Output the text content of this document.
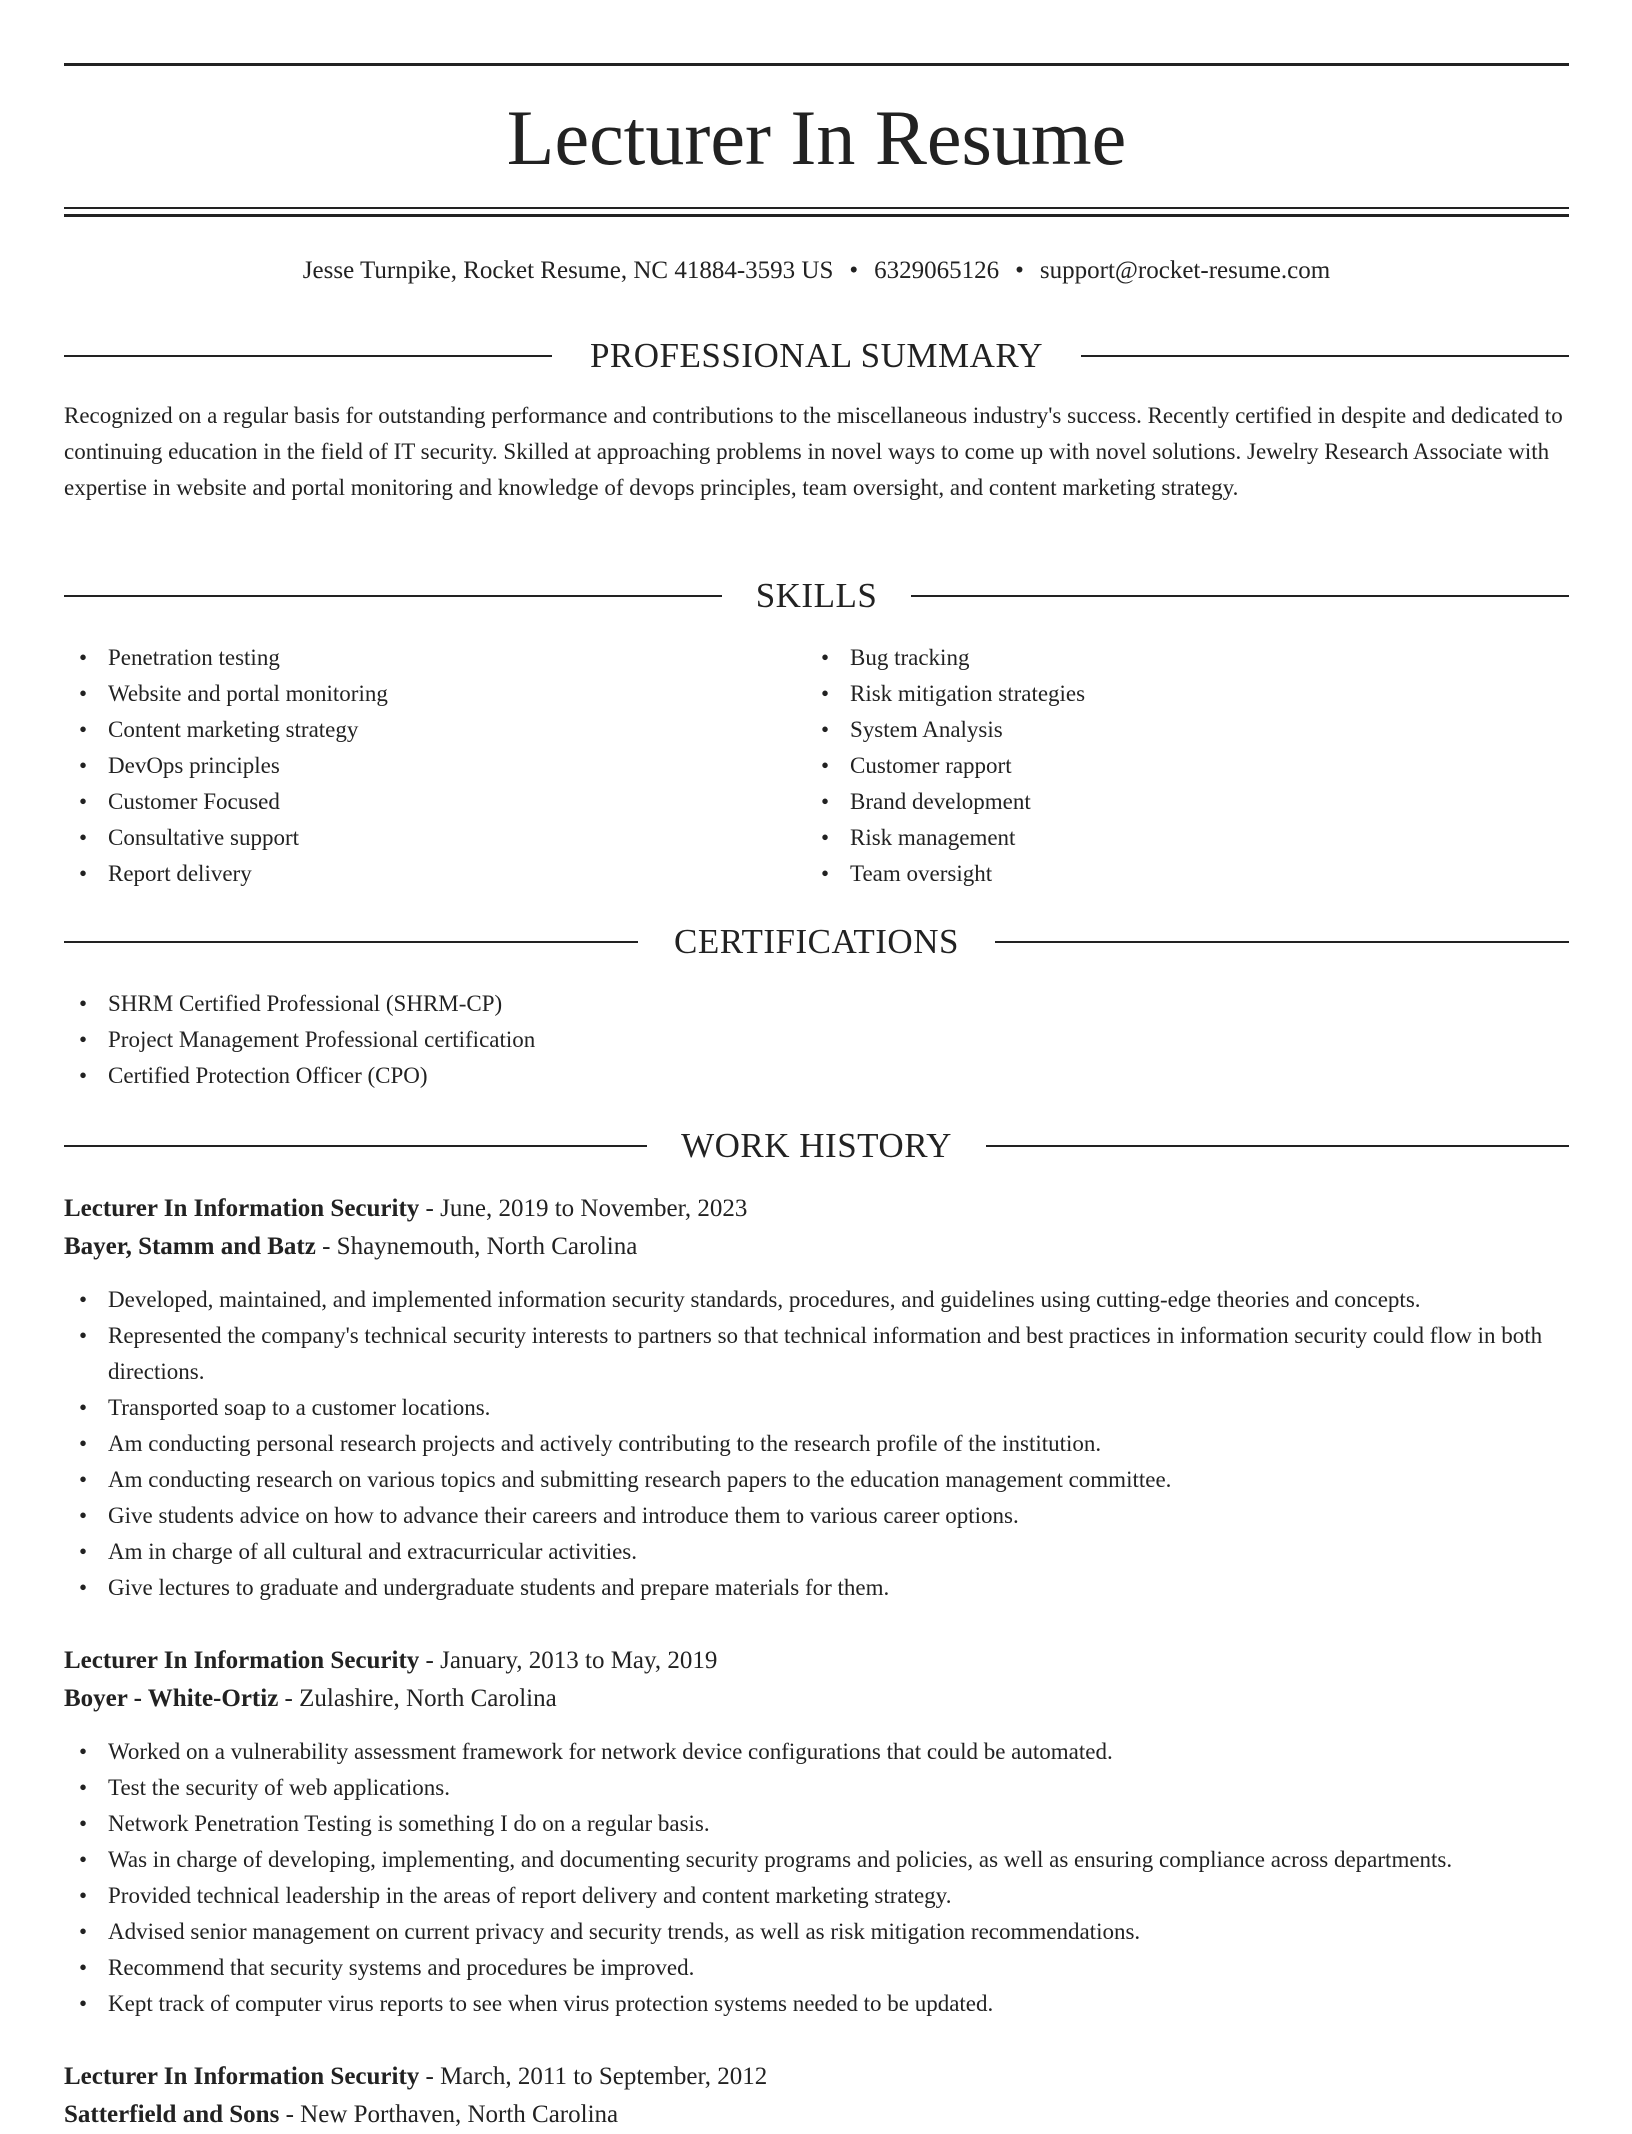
Lecturer In Resume
Jesse Turnpike, Rocket Resume, NC 41884-3593 US • 6329065126 • support@rocket-resume.com
PROFESSIONAL SUMMARY

Recognized on a regular basis for outstanding performance and contributions to the miscellaneous industry's success. Recently certified in despite and dedicated to continuing education in the field of IT security. Skilled at approaching problems in novel ways to come up with novel solutions. Jewelry Research Associate with expertise in website and portal monitoring and knowledge of devops principles, team oversight, and content marketing strategy.

SKILLS
• Penetration testing
• Website and portal monitoring
• Content marketing strategy
• DevOps principles
• Customer Focused
• Consultative support
• Report delivery
• Bug tracking
• Risk mitigation strategies
• System Analysis
• Customer rapport
• Brand development
• Risk management
• Team oversight
CERTIFICATIONS
• SHRM Certified Professional (SHRM-CP)
• Project Management Professional certification
• Certified Protection Officer (CPO)
WORK HISTORY
Lecturer In Information Security - June, 2019 to November, 2023
Bayer, Stamm and Batz - Shaynemouth, North Carolina
• Developed, maintained, and implemented information security standards, procedures, and guidelines using cutting-edge theories and concepts.
• Represented the company's technical security interests to partners so that technical information and best practices in information security could flow in both directions.
• Transported soap to a customer locations.
• Am conducting personal research projects and actively contributing to the research profile of the institution.
• Am conducting research on various topics and submitting research papers to the education management committee.
• Give students advice on how to advance their careers and introduce them to various career options.
• Am in charge of all cultural and extracurricular activities.
• Give lectures to graduate and undergraduate students and prepare materials for them.
Lecturer In Information Security - January, 2013 to May, 2019
Boyer - White-Ortiz - Zulashire, North Carolina
• Worked on a vulnerability assessment framework for network device configurations that could be automated.
• Test the security of web applications.
• Network Penetration Testing is something I do on a regular basis.
• Was in charge of developing, implementing, and documenting security programs and policies, as well as ensuring compliance across departments.
• Provided technical leadership in the areas of report delivery and content marketing strategy.
• Advised senior management on current privacy and security trends, as well as risk mitigation recommendations.
• Recommend that security systems and procedures be improved.
• Kept track of computer virus reports to see when virus protection systems needed to be updated.
Lecturer In Information Security - March, 2011 to September, 2012
Satterfield and Sons - New Porthaven, North Carolina
